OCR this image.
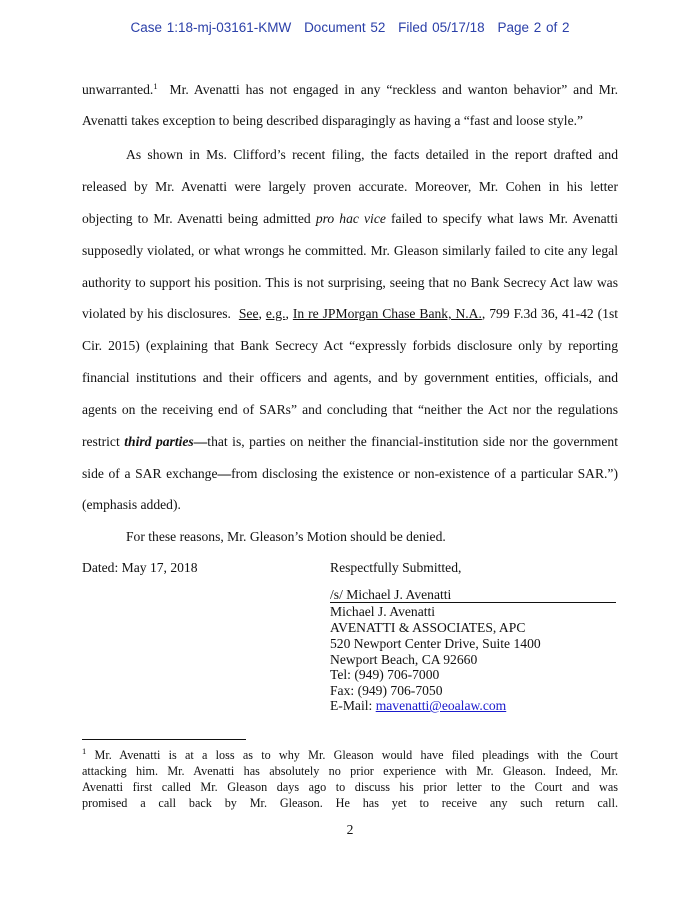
Case 1:18-mj-03161-KMW Document 52 Filed 05/17/18 Page 2 of 2
unwarranted.$^1$ Mr. Avenatti has not engaged in any “reckless and wanton behavior” and Mr.
Avenatti takes exception to being described disparagingly as having a “fast and loose style.”
As shown in Ms. Clifford’s recent filing, the facts detailed in the report drafted and
released by Mr. Avenatti were largely proven accurate. Moreover, Mr. Cohen in his letter
objecting to Mr. Avenatti being admitted pro hac vice failed to specify what laws Mr. Avenatti
supposedly violated, or what wrongs he committed. Mr. Gleason similarly failed to cite any legal
authority to support his position. This is not surprising, seeing that no Bank Secrecy Act law was
violated by his disclosures. See, e.g., In re JPMorgan Chase Bank, N.A., 799 F.3d 36, 41-42 (1st
Cir. 2015) (explaining that Bank Secrecy Act “expressly forbids disclosure only by reporting
financial institutions and their officers and agents, and by government entities, officials, and
agents on the receiving end of SARs” and concluding that “neither the Act nor the regulations
restrict third parties—that is, parties on neither the financial-institution side nor the government
side of a SAR exchange—from disclosing the existence or non-existence of a particular SAR.”)
(emphasis added).
For these reasons, Mr. Gleason’s Motion should be denied.
Dated: May 17, 2018	Respectfully Submitted,
/s/ Michael J. Avenatti
Michael J. Avenatti
AVENATTI & ASSOCIATES, APC
520 Newport Center Drive, Suite 1400
Newport Beach, CA 92660
Tel: (949) 706-7000
Fax: (949) 706-7050
E-Mail: mavenatti@eoalaw.com
$^1$ Mr. Avenatti is at a loss as to why Mr. Gleason would have filed pleadings with the Court
attacking him. Mr. Avenatti has absolutely no prior experience with Mr. Gleason. Indeed, Mr.
Avenatti first called Mr. Gleason days ago to discuss his prior letter to the Court and was
promised a call back by Mr. Gleason. He has yet to receive any such return call.
2
